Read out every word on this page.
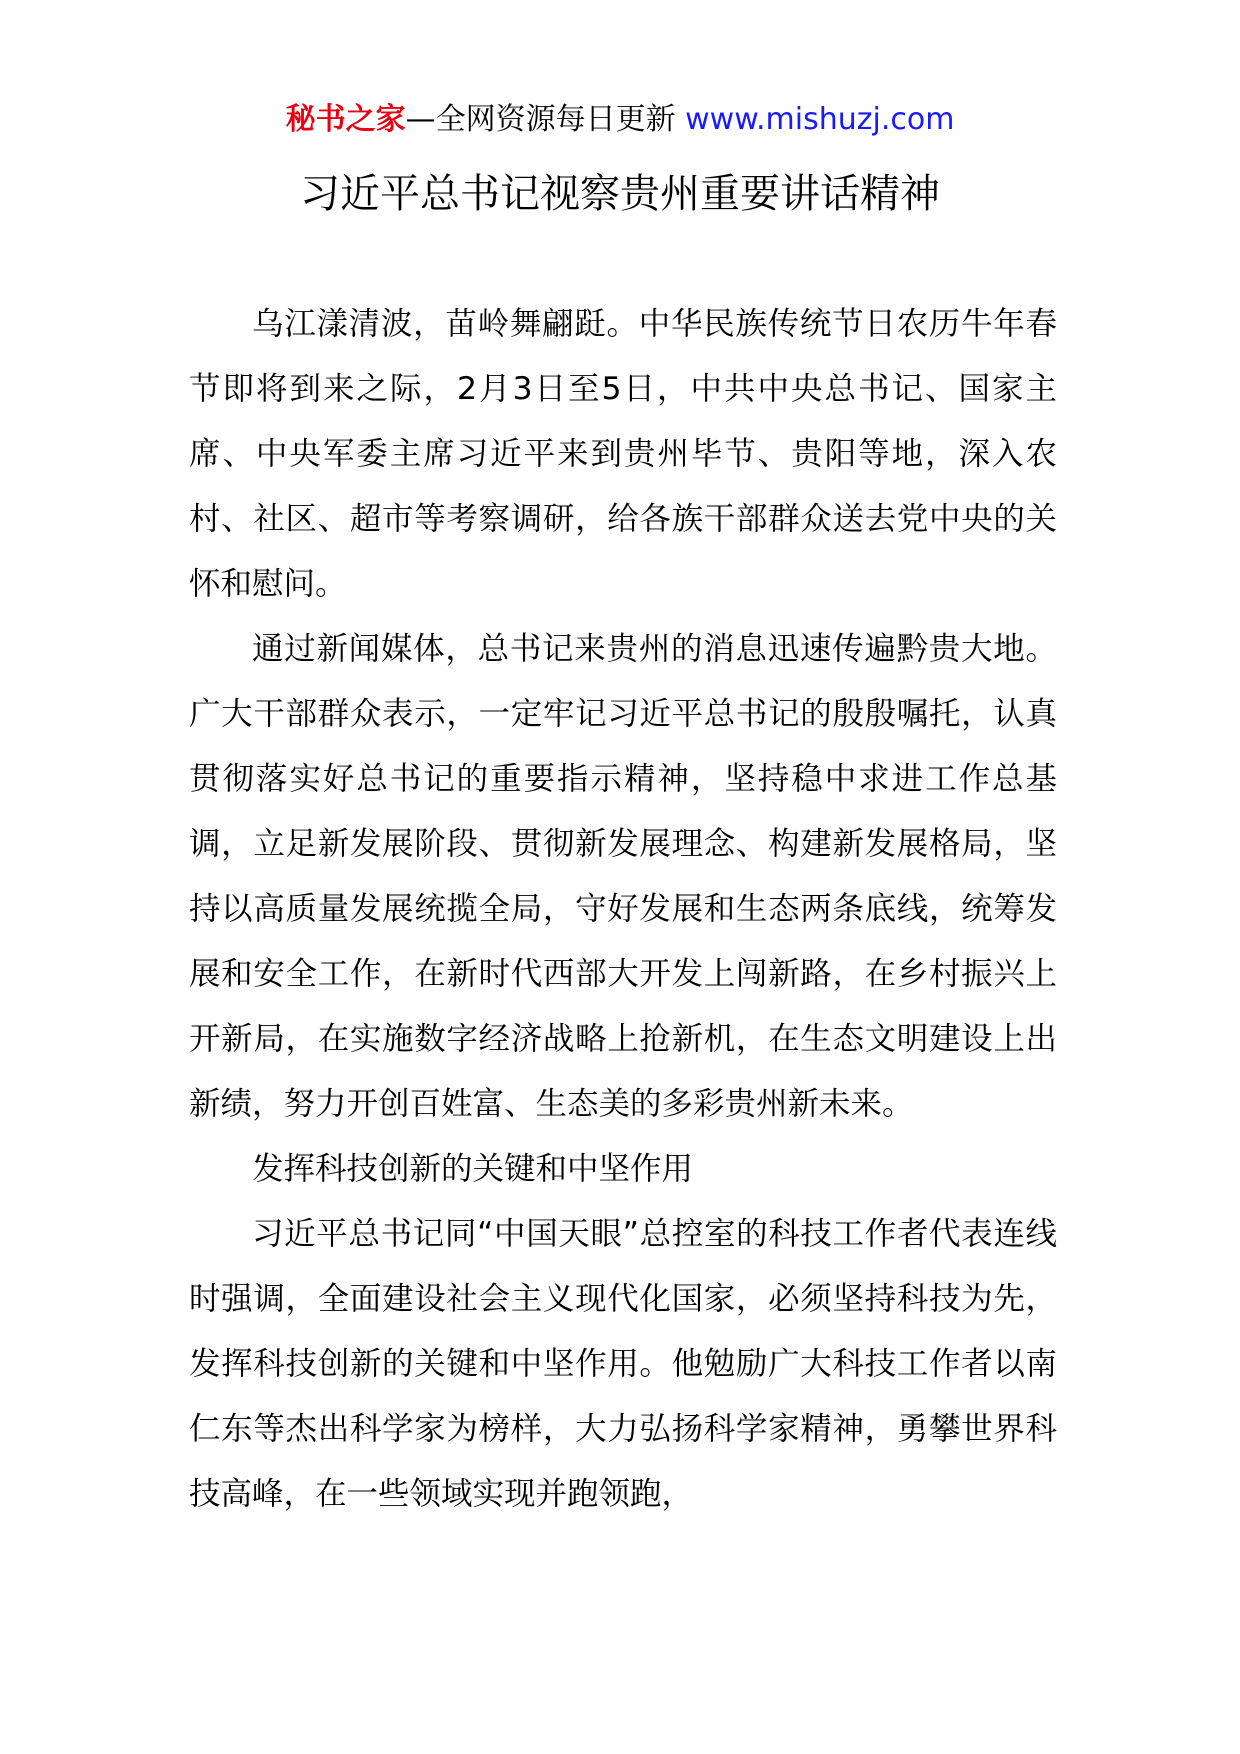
秘书之家—全网资源每日更新 www.mishuzj.com
习近平总书记视察贵州重要讲话精神

乌江漾清波，苗岭舞翩跹。中华民族传统节日农历牛年春节即将到来之际，2月3日至5日，中共中央总书记、国家主席、中央军委主席习近平来到贵州毕节、贵阳等地，深入农村、社区、超市等考察调研，给各族干部群众送去党中央的关怀和慰问。

通过新闻媒体，总书记来贵州的消息迅速传遍黔贵大地。广大干部群众表示，一定牢记习近平总书记的殷殷嘱托，认真贯彻落实好总书记的重要指示精神，坚持稳中求进工作总基调，立足新发展阶段、贯彻新发展理念、构建新发展格局，坚持以高质量发展统揽全局，守好发展和生态两条底线，统筹发展和安全工作，在新时代西部大开发上闯新路，在乡村振兴上开新局，在实施数字经济战略上抢新机，在生态文明建设上出新绩，努力开创百姓富、生态美的多彩贵州新未来。

发挥科技创新的关键和中坚作用

习近平总书记同“中国天眼”总控室的科技工作者代表连线时强调，全面建设社会主义现代化国家，必须坚持科技为先，发挥科技创新的关键和中坚作用。他勉励广大科技工作者以南仁东等杰出科学家为榜样，大力弘扬科学家精神，勇攀世界科技高峰，在一些领域实现并跑领跑，
